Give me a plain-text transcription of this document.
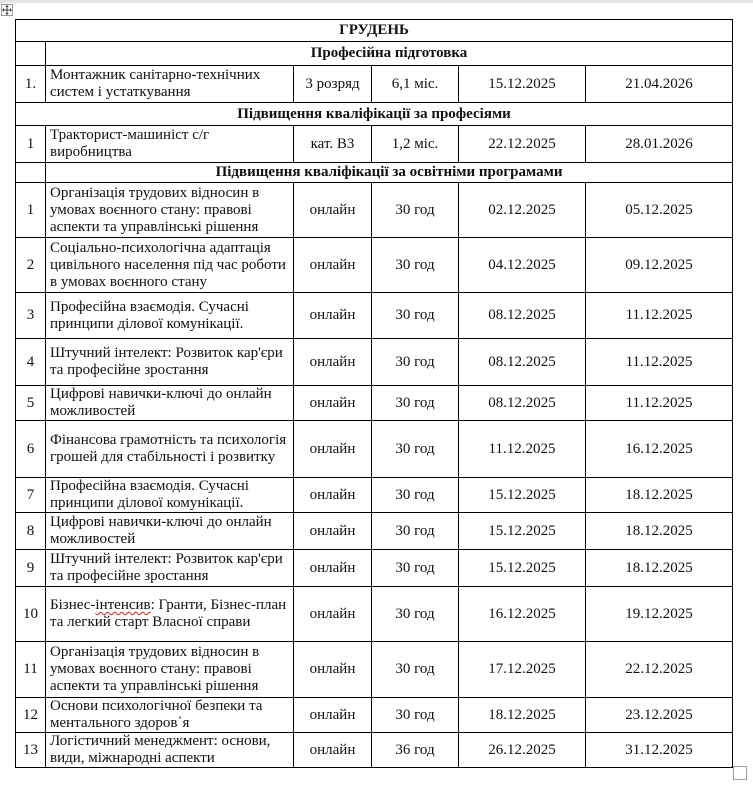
ГРУДЕНЬ					
	Професійна підготовка				
1.	Монтажник санітарно-технічних систем і устаткування	3 розряд	6,1 міс.	15.12.2025	21.04.2026
Підвищення кваліфікації за професіями					
1	Тракторист-машиніст с/г виробництва	кат. В3	1,2 міс.	22.12.2025	28.01.2026
	Підвищення кваліфікації за освітніми програмами				
1	Організація трудових відносин в умовах воєнного стану: правові аспекти та управлінські рішення	онлайн	30 год	02.12.2025	05.12.2025
2	Соціально-психологічна адаптація цивільного населення під час роботи в умовах воєнного стану	онлайн	30 год	04.12.2025	09.12.2025
3	Професійна взаємодія. Сучасні принципи ділової комунікації.	онлайн	30 год	08.12.2025	11.12.2025
4	Штучний інтелект: Розвиток кар'єри та професійне зростання	онлайн	30 год	08.12.2025	11.12.2025
5	Цифрові навички-ключі до онлайн можливостей	онлайн	30 год	08.12.2025	11.12.2025
6	Фінансова грамотність та психологія грошей для стабільності і розвитку	онлайн	30 год	11.12.2025	16.12.2025
7	Професійна взаємодія. Сучасні принципи ділової комунікації.	онлайн	30 год	15.12.2025	18.12.2025
8	Цифрові навички-ключі до онлайн можливостей	онлайн	30 год	15.12.2025	18.12.2025
9	Штучний інтелект: Розвиток кар'єри та професійне зростання	онлайн	30 год	15.12.2025	18.12.2025
10	Бізнес-інтенсив: Гранти, Бізнес-план та легкий старт Власної справи	онлайн	30 год	16.12.2025	19.12.2025
11	Організація трудових відносин в умовах воєнного стану: правові аспекти та управлінські рішення	онлайн	30 год	17.12.2025	22.12.2025
12	Основи психологічної безпеки та ментального здоров᾽я	онлайн	30 год	18.12.2025	23.12.2025
13	Логістичний менеджмент: основи, види, міжнародні аспекти	онлайн	36 год	26.12.2025	31.12.2025
